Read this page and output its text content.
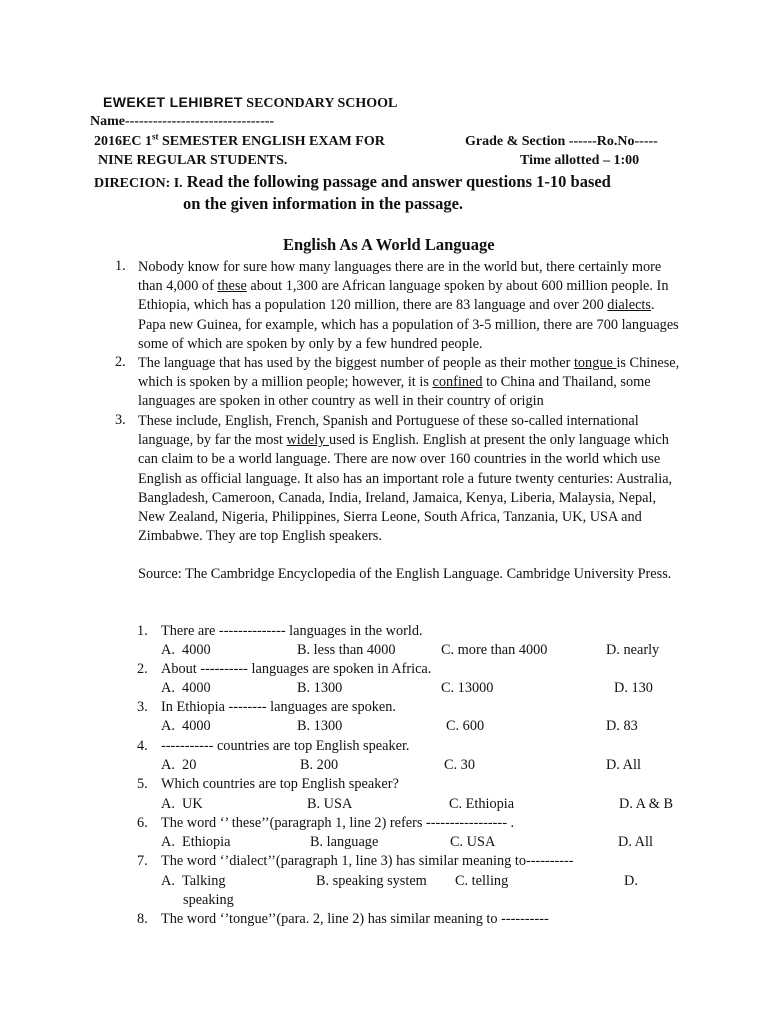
EWEKET LEHIBRET SECONDARY SCHOOL
Name--------------------------------
2016EC 1st SEMESTER ENGLISH EXAM FOR	Grade & Section ------Ro.No-----
NINE REGULAR STUDENTS.	Time allotted – 1:00
DIRECION: I. Read the following passage and answer questions 1-10 based
on the given information in the passage.
English As A World Language
1. Nobody know for sure how many languages there are in the world but, there certainly more than 4,000 of these about 1,300 are African language spoken by about 600 million people. In Ethiopia, which has a population 120 million, there are 83 language and over 200 dialects. Papa new Guinea, for example, which has a population of 3-5 million, there are 700 languages some of which are spoken by only by a few hundred people.
2. The language that has used by the biggest number of people as their mother tongue is Chinese, which is spoken by a million people; however, it is confined to China and Thailand, some languages are spoken in other country as well in their country of origin
3. These include, English, French, Spanish and Portuguese of these so-called international language, by far the most widely used is English. English at present the only language which can claim to be a world language. There are now over 160 countries in the world which use English as official language. It also has an important role a future twenty centuries: Australia, Bangladesh, Cameroon, Canada, India, Ireland, Jamaica, Kenya, Liberia, Malaysia, Nepal, New Zealand, Nigeria, Philippines, Sierra Leone, South Africa, Tanzania, UK, USA and Zimbabwe. They are top English speakers.
Source: The Cambridge Encyclopedia of the English Language. Cambridge University Press.
1. There are -------------- languages in the world.
A.  4000	B. less than 4000	C. more than 4000	D. nearly
2. About ---------- languages are spoken in Africa.
A.  4000	B. 1300	C. 13000	D. 130
3. In Ethiopia -------- languages are spoken.
A.  4000	B. 1300	C. 600	D. 83
4. ----------- countries are top English speaker.
A.  20	B. 200	C. 30	D. All
5. Which countries are top English speaker?
A.  UK	B. USA	C. Ethiopia	D. A & B
6. The word ‘’ these’’(paragraph 1, line 2) refers ----------------- .
A.  Ethiopia	B. language	C. USA	D. All
7. The word ‘’dialect’’(paragraph 1, line 3) has similar meaning to----------
A.  Talking	B. speaking system C. telling	D.
speaking
8. The word ‘’tongue’’(para. 2, line 2) has similar meaning to ----------
